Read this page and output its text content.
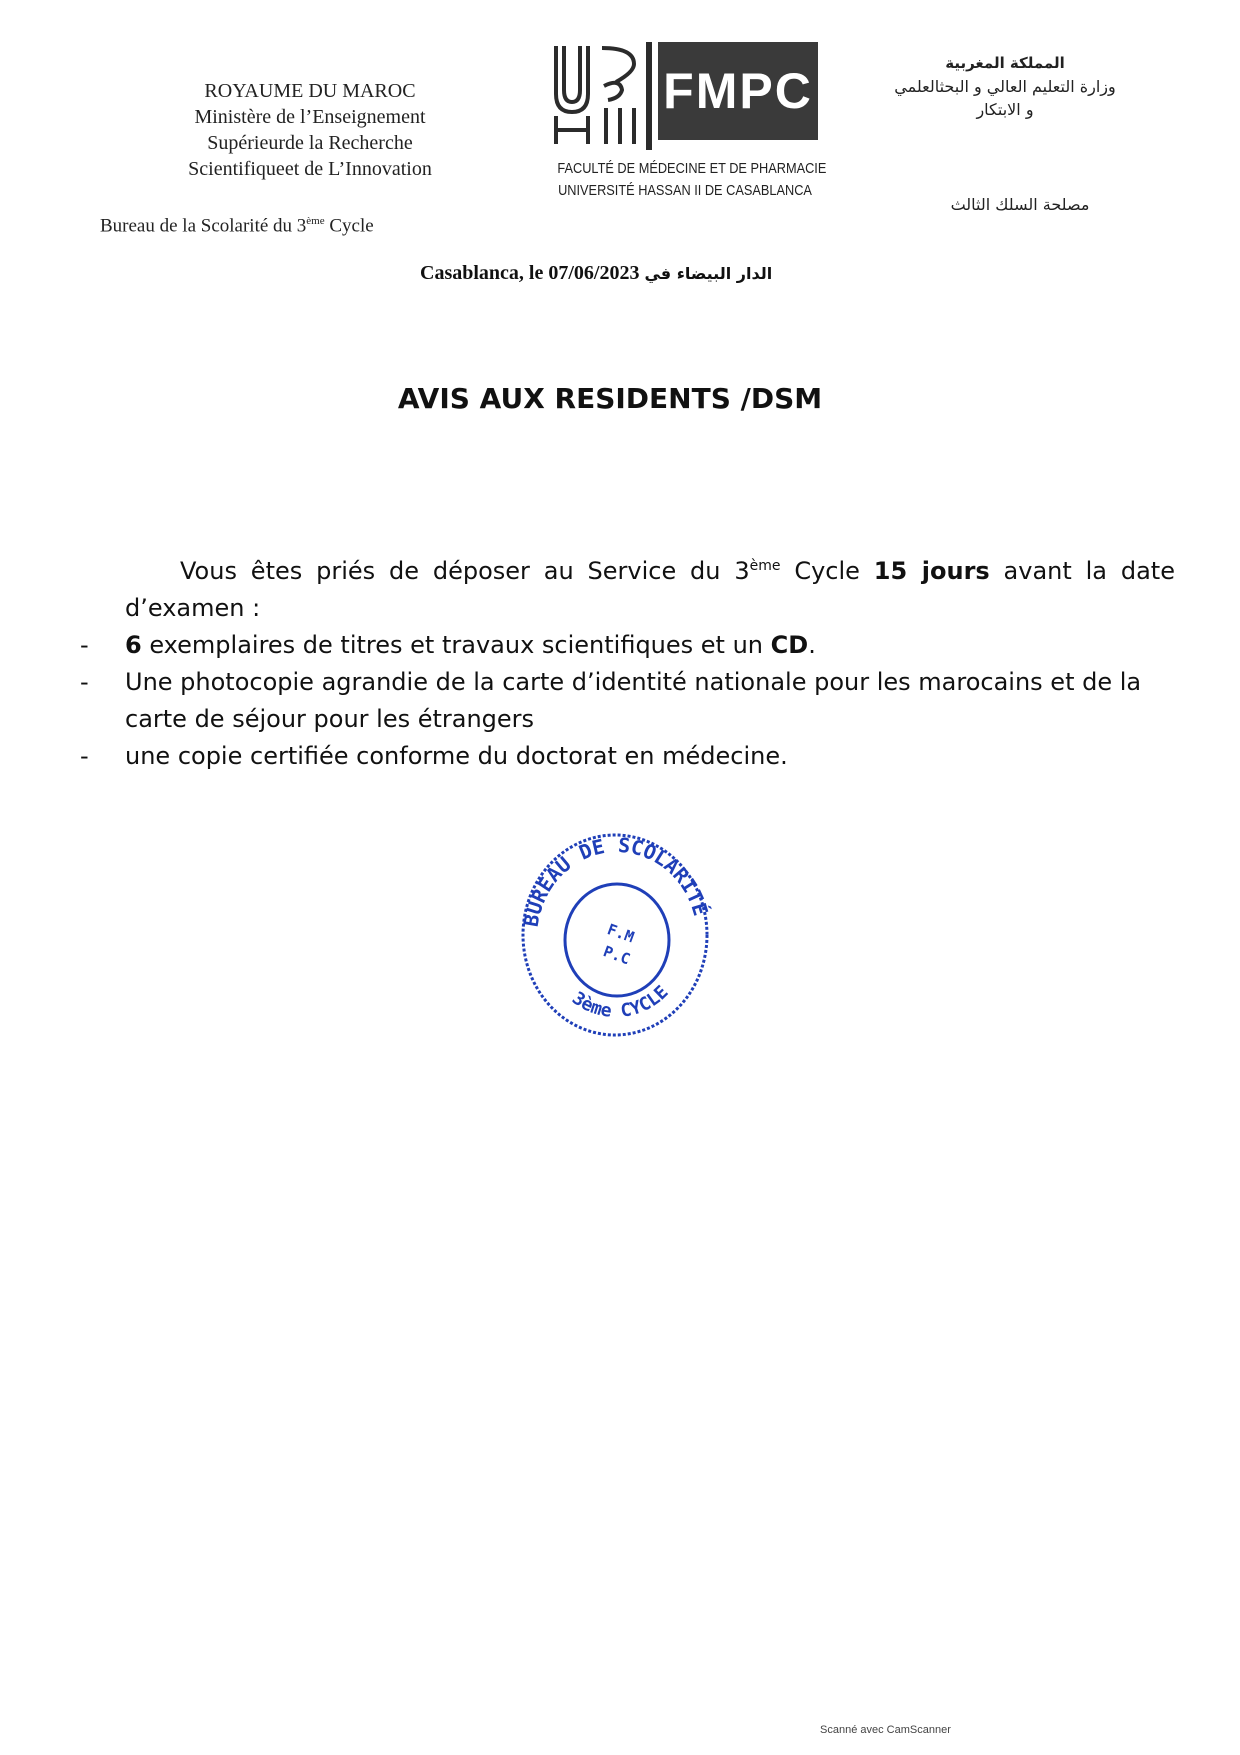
ROYAUME DU MAROC
Ministère de l’Enseignement
Supérieurde la Recherche
Scientifiqueet de L’Innovation
Bureau de la Scolarité du 3ème Cycle
FMPC
FACULTÉ DE MÉDECINE ET DE PHARMACIE
UNIVERSITÉ HASSAN II DE CASABLANCA
المملكة المغربية
وزارة التعليم العالي و البحثالعلمي
و الابتكار
مصلحة السلك الثالث
Casablanca, le 07/06/2023 الدار البيضاء في
AVIS AUX RESIDENTS /DSM

Vous êtes priés de déposer au Service du 3ème Cycle 15 jours avant la date d’examen :

- 6 exemplaires de titres et travaux scientifiques et un CD.
- Une photocopie agrandie de la carte d’identité nationale pour les marocains et de la carte de séjour pour les étrangers
- une copie certifiée conforme du doctorat en médecine.
BUREAU DE SCOLARITÉ
3ème CYCLE
F.M
P.C
Scanné avec CamScanner
